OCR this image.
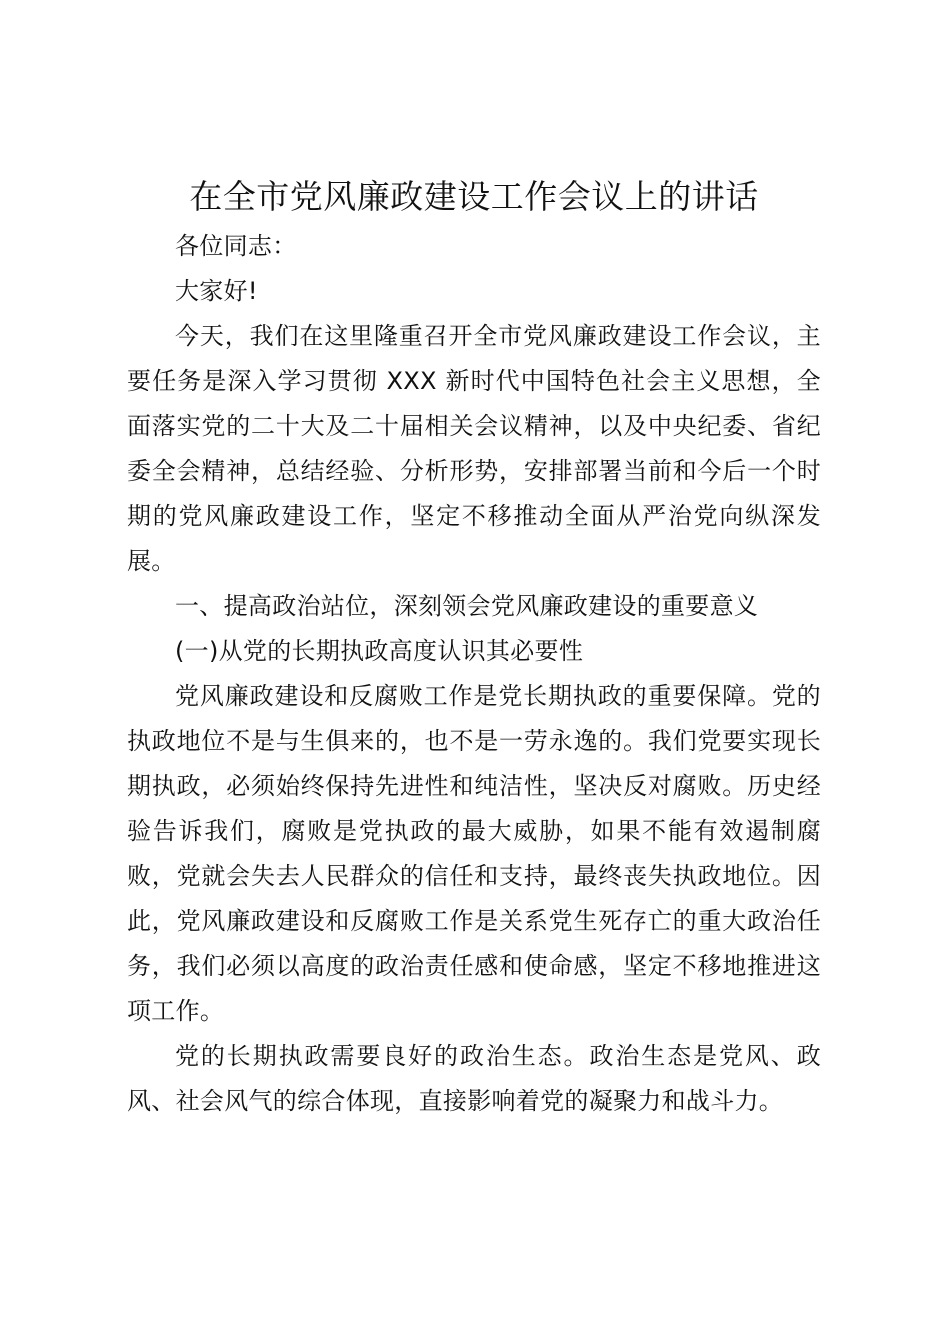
在全市党风廉政建设工作会议上的讲话

各位同志：

大家好!

今天，我们在这里隆重召开全市党风廉政建设工作会议，主要任务是深入学习贯彻 XXX 新时代中国特色社会主义思想，全面落实党的二十大及二十届相关会议精神，以及中央纪委、省纪委全会精神，总结经验、分析形势，安排部署当前和今后一个时期的党风廉政建设工作，坚定不移推动全面从严治党向纵深发展。

一、提高政治站位，深刻领会党风廉政建设的重要意义

(一)从党的长期执政高度认识其必要性

党风廉政建设和反腐败工作是党长期执政的重要保障。党的执政地位不是与生俱来的，也不是一劳永逸的。我们党要实现长期执政，必须始终保持先进性和纯洁性，坚决反对腐败。历史经验告诉我们，腐败是党执政的最大威胁，如果不能有效遏制腐败，党就会失去人民群众的信任和支持，最终丧失执政地位。因此，党风廉政建设和反腐败工作是关系党生死存亡的重大政治任务，我们必须以高度的政治责任感和使命感，坚定不移地推进这项工作。

党的长期执政需要良好的政治生态。政治生态是党风、政风、社会风气的综合体现，直接影响着党的凝聚力和战斗力。
